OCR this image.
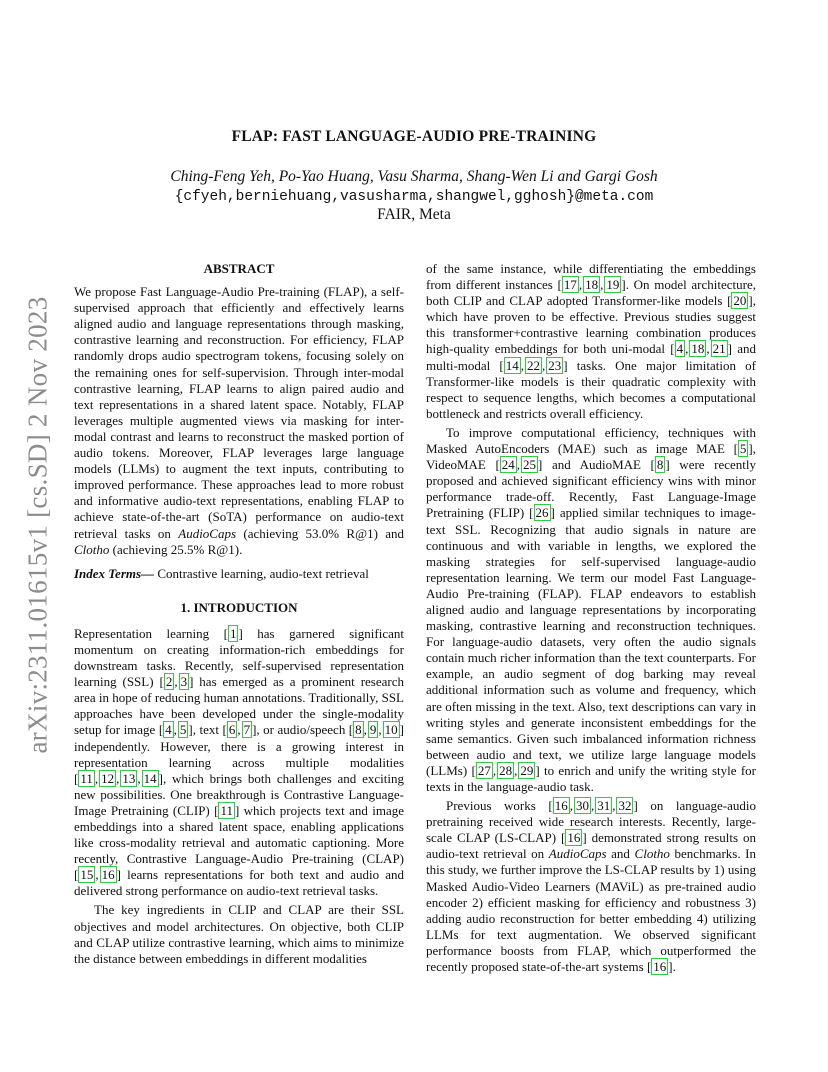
arXiv:2311.01615v1 [cs.SD] 2 Nov 2023
FLAP: FAST LANGUAGE-AUDIO PRE-TRAINING
Ching-Feng Yeh, Po-Yao Huang, Vasu Sharma, Shang-Wen Li and Gargi Gosh
{cfyeh,berniehuang,vasusharma,shangwel,gghosh}@meta.com
FAIR, Meta
ABSTRACT

We propose Fast Language-Audio Pre-training (FLAP), a self-supervised approach that efficiently and effectively learns aligned audio and language representations through masking, contrastive learning and reconstruction. For efficiency, FLAP randomly drops audio spectrogram tokens, focusing solely on the remaining ones for self-supervision. Through inter-modal contrastive learning, FLAP learns to align paired audio and text representations in a shared latent space. Notably, FLAP leverages multiple augmented views via masking for inter-modal contrast and learns to reconstruct the masked portion of audio tokens. Moreover, FLAP leverages large language models (LLMs) to augment the text inputs, contributing to improved performance. These approaches lead to more robust and informative audio-text representations, enabling FLAP to achieve state-of-the-art (SoTA) performance on audio-text retrieval tasks on AudioCaps (achieving 53.0% R@1) and Clotho (achieving 25.5% R@1).

Index Terms— Contrastive learning, audio-text retrieval

1. INTRODUCTION

Representation learning [ 1 ] has garnered significant momentum on creating information-rich embeddings for downstream tasks. Recently, self-supervised representation learning (SSL) [ 2 , 3 ] has emerged as a prominent research area in hope of reducing human annotations. Traditionally, SSL approaches have been developed under the single-modality setup for image [ 4 , 5 ], text [ 6 , 7 ], or audio/speech [ 8 , 9 , 10 ] independently. However, there is a growing interest in representation learning across multiple modalities [ 11 , 12 , 13 , 14 ], which brings both challenges and exciting new possibilities. One breakthrough is Contrastive Language-Image Pretraining (CLIP) [ 11 ] which projects text and image embeddings into a shared latent space, enabling applications like cross-modality retrieval and automatic captioning. More recently, Contrastive Language-Audio Pre-training (CLAP) [ 15 , 16 ] learns representations for both text and audio and delivered strong performance on audio-text retrieval tasks.

The key ingredients in CLIP and CLAP are their SSL objectives and model architectures. On objective, both CLIP and CLAP utilize contrastive learning, which aims to minimize the distance between embeddings in different modalities

of the same instance, while differentiating the embeddings from different instances [ 17 , 18 , 19 ]. On model architecture, both CLIP and CLAP adopted Transformer-like models [ 20 ], which have proven to be effective. Previous studies suggest this transformer+contrastive learning combination produces high-quality embeddings for both uni-modal [ 4 , 18 , 21 ] and multi-modal [ 14 , 22 , 23 ] tasks. One major limitation of Transformer-like models is their quadratic complexity with respect to sequence lengths, which becomes a computational bottleneck and restricts overall efficiency.

To improve computational efficiency, techniques with Masked AutoEncoders (MAE) such as image MAE [ 5 ], VideoMAE [ 24 , 25 ] and AudioMAE [ 8 ] were recently proposed and achieved significant efficiency wins with minor performance trade-off. Recently, Fast Language-Image Pretraining (FLIP) [ 26 ] applied similar techniques to image-text SSL. Recognizing that audio signals in nature are continuous and with variable in lengths, we explored the masking strategies for self-supervised language-audio representation learning. We term our model Fast Language-Audio Pre-training (FLAP). FLAP endeavors to establish aligned audio and language representations by incorporating masking, contrastive learning and reconstruction techniques. For language-audio datasets, very often the audio signals contain much richer information than the text counterparts. For example, an audio segment of dog barking may reveal additional information such as volume and frequency, which are often missing in the text. Also, text descriptions can vary in writing styles and generate inconsistent embeddings for the same semantics. Given such imbalanced information richness between audio and text, we utilize large language models (LLMs) [ 27 , 28 , 29 ] to enrich and unify the writing style for texts in the language-audio task.

Previous works [ 16 , 30 , 31 , 32 ] on language-audio pretraining received wide research interests. Recently, large-scale CLAP (LS-CLAP) [ 16 ] demonstrated strong results on audio-text retrieval on AudioCaps and Clotho benchmarks. In this study, we further improve the LS-CLAP results by 1) using Masked Audio-Video Learners (MAViL) as pre-trained audio encoder 2) efficient masking for efficiency and robustness 3) adding audio reconstruction for better embedding 4) utilizing LLMs for text augmentation. We observed significant performance boosts from FLAP, which outperformed the recently proposed state-of-the-art systems [ 16 ].
